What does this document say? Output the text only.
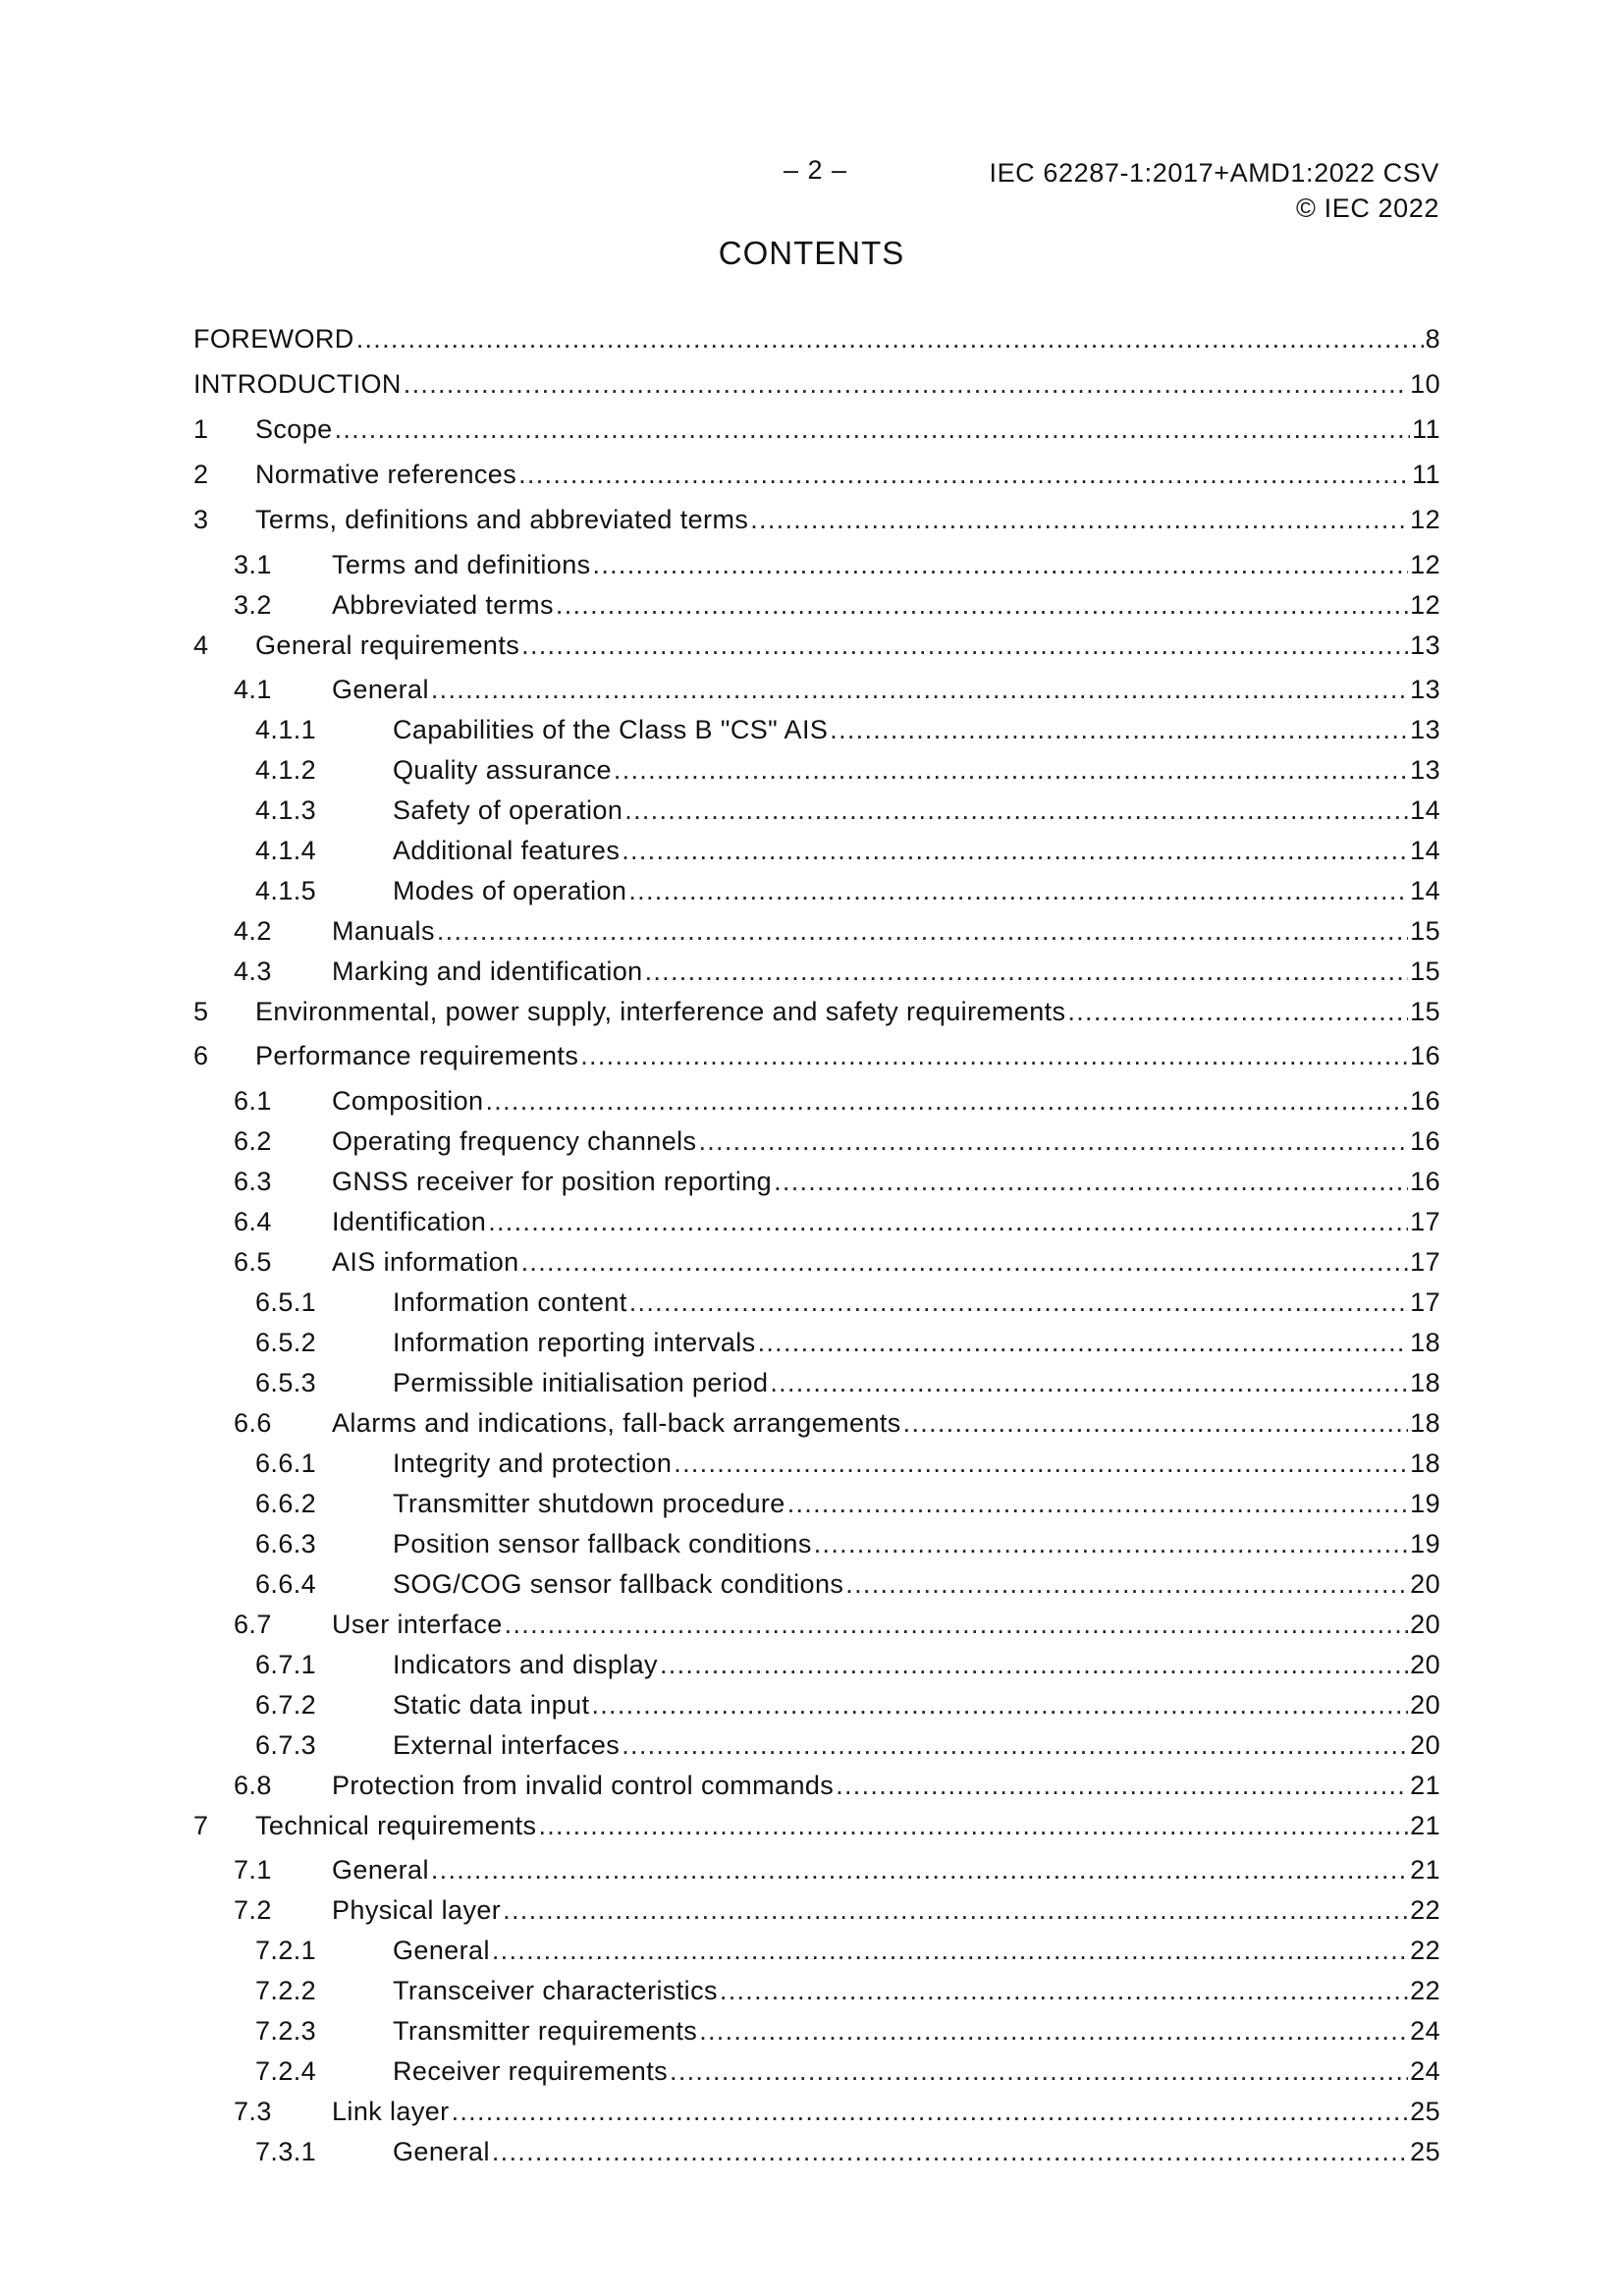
– 2 –	IEC 62287-1:2017+AMD1:2022 CSV
© IEC 2022
CONTENTS
FOREWORD .....	8
INTRODUCTION .....	10
1	Scope .....	11
2	Normative references .....	11
3	Terms, definitions and abbreviated terms .....	12
3.1	Terms and definitions .....	12
3.2	Abbreviated terms .....	12
4	General requirements .....	13
4.1	General .....	13
4.1.1	Capabilities of the Class B "CS" AIS .....	13
4.1.2	Quality assurance .....	13
4.1.3	Safety of operation .....	14
4.1.4	Additional features .....	14
4.1.5	Modes of operation .....	14
4.2	Manuals .....	15
4.3	Marking and identification .....	15
5	Environmental, power supply, interference and safety requirements .....	15
6	Performance requirements .....	16
6.1	Composition .....	16
6.2	Operating frequency channels .....	16
6.3	GNSS receiver for position reporting .....	16
6.4	Identification .....	17
6.5	AIS information .....	17
6.5.1	Information content .....	17
6.5.2	Information reporting intervals .....	18
6.5.3	Permissible initialisation period .....	18
6.6	Alarms and indications, fall-back arrangements .....	18
6.6.1	Integrity and protection .....	18
6.6.2	Transmitter shutdown procedure .....	19
6.6.3	Position sensor fallback conditions .....	19
6.6.4	SOG/COG sensor fallback conditions .....	20
6.7	User interface .....	20
6.7.1	Indicators and display .....	20
6.7.2	Static data input .....	20
6.7.3	External interfaces .....	20
6.8	Protection from invalid control commands .....	21
7	Technical requirements .....	21
7.1	General .....	21
7.2	Physical layer .....	22
7.2.1	General .....	22
7.2.2	Transceiver characteristics .....	22
7.2.3	Transmitter requirements .....	24
7.2.4	Receiver requirements .....	24
7.3	Link layer .....	25
7.3.1	General .....	25
